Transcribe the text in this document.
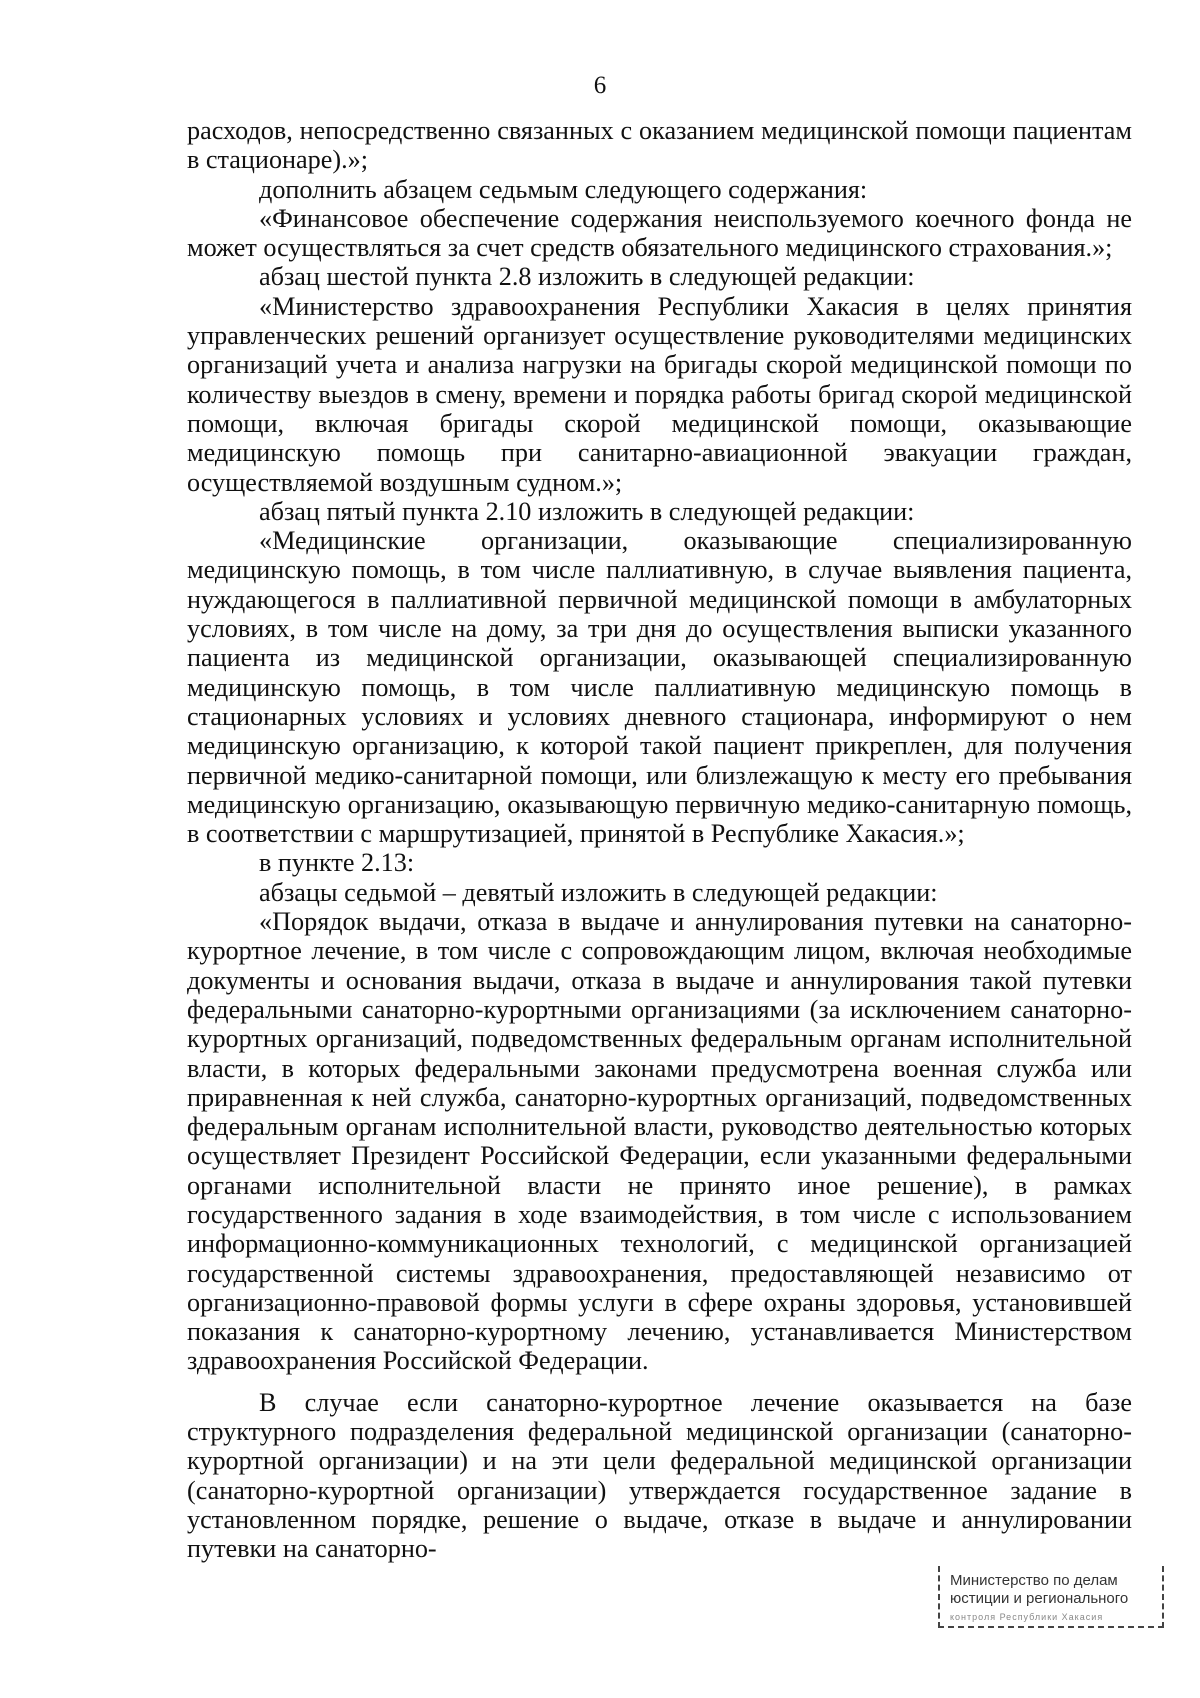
6

расходов, непосредственно связанных с оказанием медицинской помощи пациентам в стационаре).»;

дополнить абзацем седьмым следующего содержания:

«Финансовое обеспечение содержания неиспользуемого коечного фонда не может осуществляться за счет средств обязательного медицинского страхования.»;

абзац шестой пункта 2.8 изложить в следующей редакции:

«Министерство здравоохранения Республики Хакасия в целях принятия управленческих решений организует осуществление руководителями медицинских организаций учета и анализа нагрузки на бригады скорой медицинской помощи по количеству выездов в смену, времени и порядка работы бригад скорой медицинской помощи, включая бригады скорой медицинской помощи, оказывающие медицинскую помощь при санитарно-авиационной эвакуации граждан, осуществляемой воздушным судном.»;

абзац пятый пункта 2.10 изложить в следующей редакции:

«Медицинские организации, оказывающие специализированную медицинскую помощь, в том числе паллиативную, в случае выявления пациента, нуждающегося в паллиативной первичной медицинской помощи в амбулаторных условиях, в том числе на дому, за три дня до осуществления выписки указанного пациента из медицинской организации, оказывающей специализированную медицинскую помощь, в том числе паллиативную медицинскую помощь в стационарных условиях и условиях дневного стационара, информируют о нем медицинскую организацию, к которой такой пациент прикреплен, для получения первичной медико-санитарной помощи, или близлежащую к месту его пребывания медицинскую организацию, оказывающую первичную медико-санитарную помощь, в соответствии с маршрутизацией, принятой в Республике Хакасия.»;

в пункте 2.13:

абзацы седьмой – девятый изложить в следующей редакции:

«Порядок выдачи, отказа в выдаче и аннулирования путевки на санаторно-курортное лечение, в том числе с сопровождающим лицом, включая необходимые документы и основания выдачи, отказа в выдаче и аннулирования такой путевки федеральными санаторно-курортными организациями (за исключением санаторно-курортных организаций, подведомственных федеральным органам исполнительной власти, в которых федеральными законами предусмотрена военная служба или приравненная к ней служба, санаторно-курортных организаций, подведомственных федеральным органам исполнительной власти, руководство деятельностью которых осуществляет Президент Российской Федерации, если указанными федеральными органами исполнительной власти не принято иное решение), в рамках государственного задания в ходе взаимодействия, в том числе с использованием информационно-коммуникационных технологий, с медицинской организацией государственной системы здравоохранения, предоставляющей независимо от организационно-правовой формы услуги в сфере охраны здоровья, установившей показания к санаторно-курортному лечению, устанавливается Министерством здравоохранения Российской Федерации.

В случае если санаторно-курортное лечение оказывается на базе структурного подразделения федеральной медицинской организации (санаторно-курортной организации) и на эти цели федеральной медицинской организации (санаторно-курортной организации) утверждается государственное задание в установленном порядке, решение о выдаче, отказе в выдаче и аннулировании путевки на санаторно-

Министерство по делам
юстиции и регионального
контроля Республики Хакасия
